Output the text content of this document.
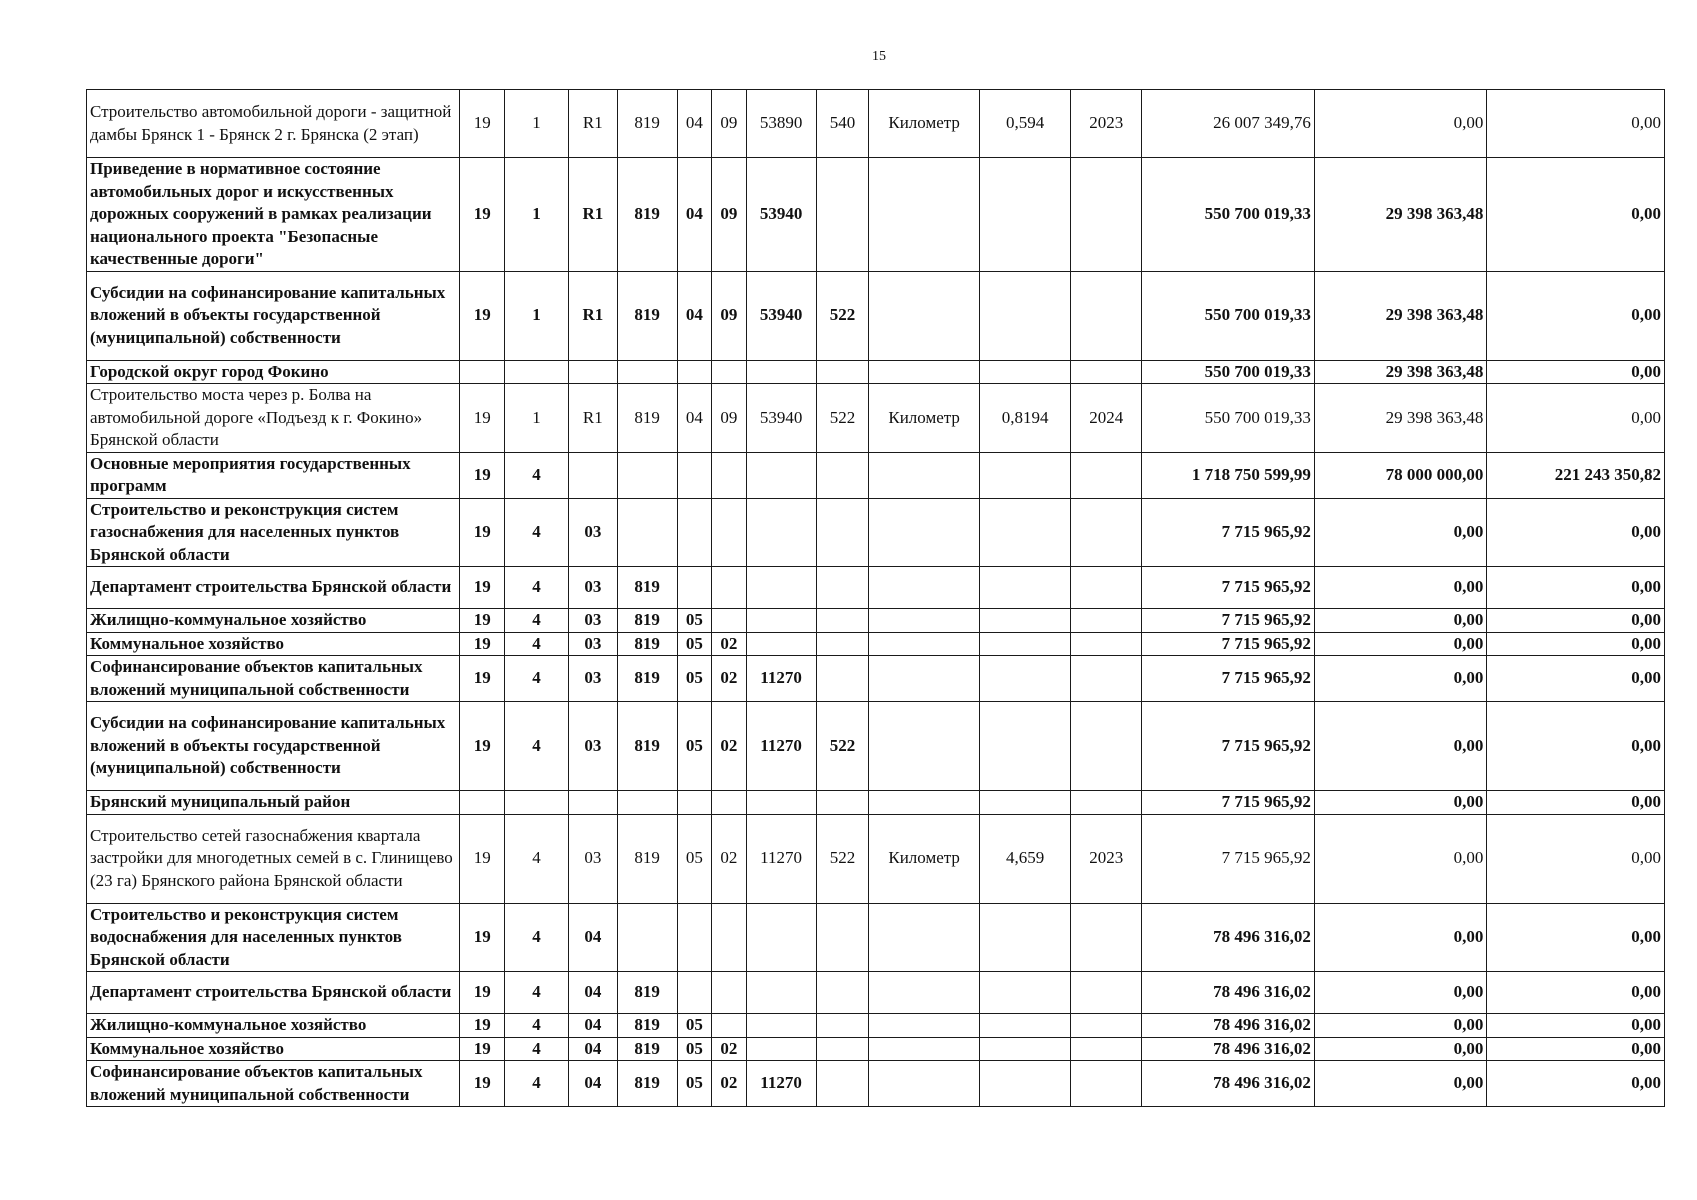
15
Строительство автомобильной дороги - защитной дамбы Брянск 1 - Брянск 2 г. Брянска (2 этап)	19	1	R1	819	04	09	53890	540	Километр	0,594	2023	26 007 349,76	0,00	0,00
Приведение в нормативное состояние автомобильных дорог и искусственных дорожных сооружений в рамках реализации национального проекта "Безопасные качественные дороги"	19	1	R1	819	04	09	53940					550 700 019,33	29 398 363,48	0,00
Субсидии на софинансирование капитальных вложений в объекты государственной (муниципальной) собственности	19	1	R1	819	04	09	53940	522				550 700 019,33	29 398 363,48	0,00
Городской округ город Фокино												550 700 019,33	29 398 363,48	0,00
Строительство моста через р. Болва на автомобильной дороге «Подъезд к г. Фокино» Брянской области	19	1	R1	819	04	09	53940	522	Километр	0,8194	2024	550 700 019,33	29 398 363,48	0,00
Основные мероприятия государственных программ	19	4										1 718 750 599,99	78 000 000,00	221 243 350,82
Строительство и реконструкция систем газоснабжения для населенных пунктов Брянской области	19	4	03									7 715 965,92	0,00	0,00
Департамент строительства Брянской области	19	4	03	819								7 715 965,92	0,00	0,00
Жилищно-коммунальное хозяйство	19	4	03	819	05							7 715 965,92	0,00	0,00
Коммунальное хозяйство	19	4	03	819	05	02						7 715 965,92	0,00	0,00
Софинансирование объектов капитальных вложений муниципальной собственности	19	4	03	819	05	02	11270					7 715 965,92	0,00	0,00
Субсидии на софинансирование капитальных вложений в объекты государственной (муниципальной) собственности	19	4	03	819	05	02	11270	522				7 715 965,92	0,00	0,00
Брянский муниципальный район												7 715 965,92	0,00	0,00
Строительство сетей газоснабжения квартала застройки для многодетных семей в с. Глинищево (23 га) Брянского района Брянской области	19	4	03	819	05	02	11270	522	Километр	4,659	2023	7 715 965,92	0,00	0,00
Строительство и реконструкция систем водоснабжения для населенных пунктов Брянской области	19	4	04									78 496 316,02	0,00	0,00
Департамент строительства Брянской области	19	4	04	819								78 496 316,02	0,00	0,00
Жилищно-коммунальное хозяйство	19	4	04	819	05							78 496 316,02	0,00	0,00
Коммунальное хозяйство	19	4	04	819	05	02						78 496 316,02	0,00	0,00
Софинансирование объектов капитальных вложений муниципальной собственности	19	4	04	819	05	02	11270					78 496 316,02	0,00	0,00
